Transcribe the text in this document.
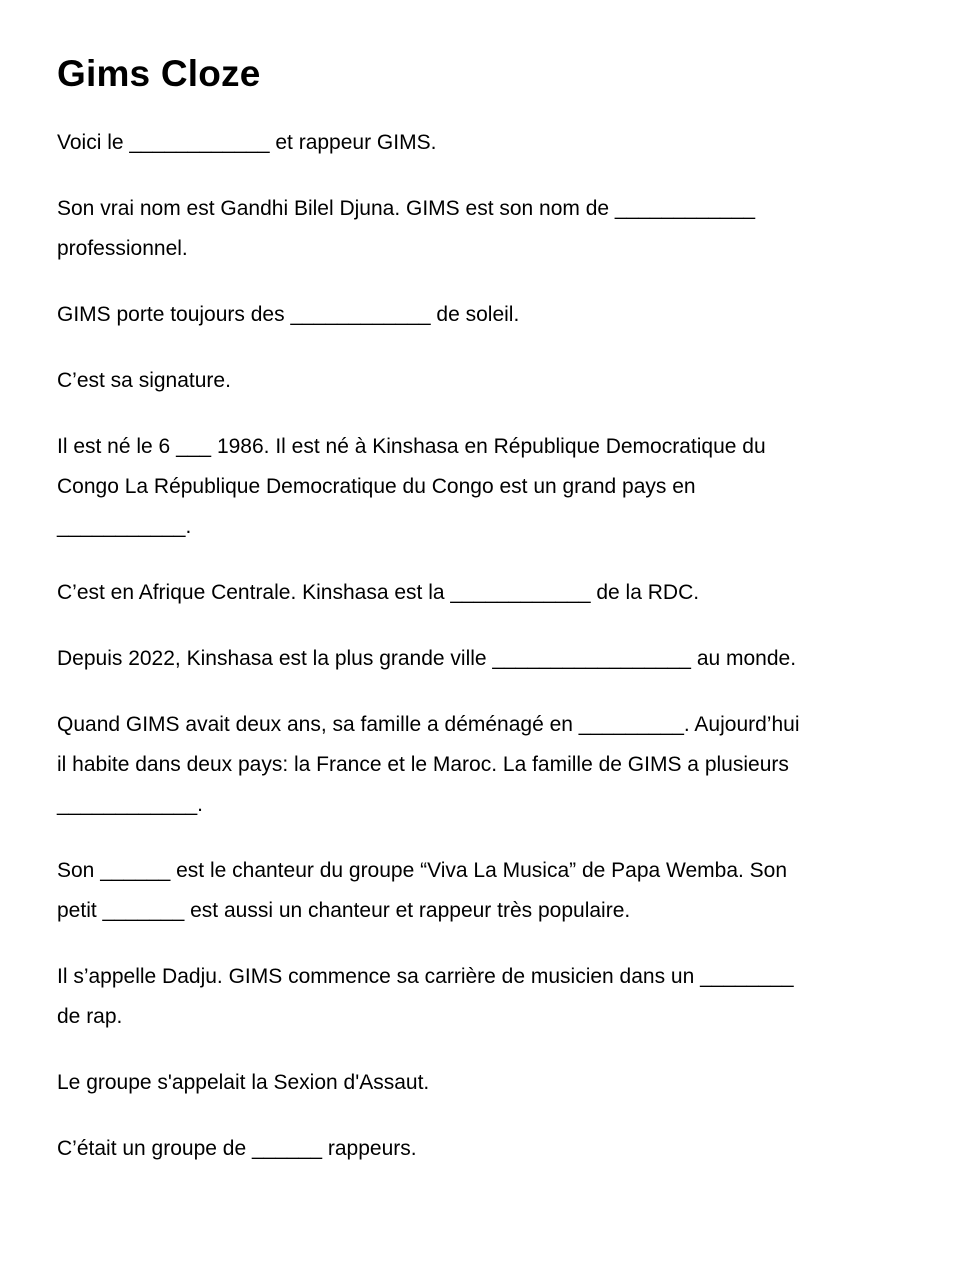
Gims Cloze
Voici le ____________ et rappeur GIMS.
Son vrai nom est Gandhi Bilel Djuna. GIMS est son nom de ____________
professionnel.
GIMS porte toujours des ____________ de soleil.
C’est sa signature.
Il est né le 6 ___ 1986. Il est né à Kinshasa en République Democratique du
Congo La République Democratique du Congo est un grand pays en
___________.
C’est en Afrique Centrale. Kinshasa est la ____________ de la RDC.
Depuis 2022, Kinshasa est la plus grande ville _________________ au monde.
Quand GIMS avait deux ans, sa famille a déménagé en _________. Aujourd’hui
il habite dans deux pays: la France et le Maroc. La famille de GIMS a plusieurs
____________.
Son ______ est le chanteur du groupe “Viva La Musica” de Papa Wemba. Son
petit _______ est aussi un chanteur et rappeur très populaire.
Il s’appelle Dadju. GIMS commence sa carrière de musicien dans un ________
de rap.
Le groupe s'appelait la Sexion d'Assaut.
C’était un groupe de ______ rappeurs.
